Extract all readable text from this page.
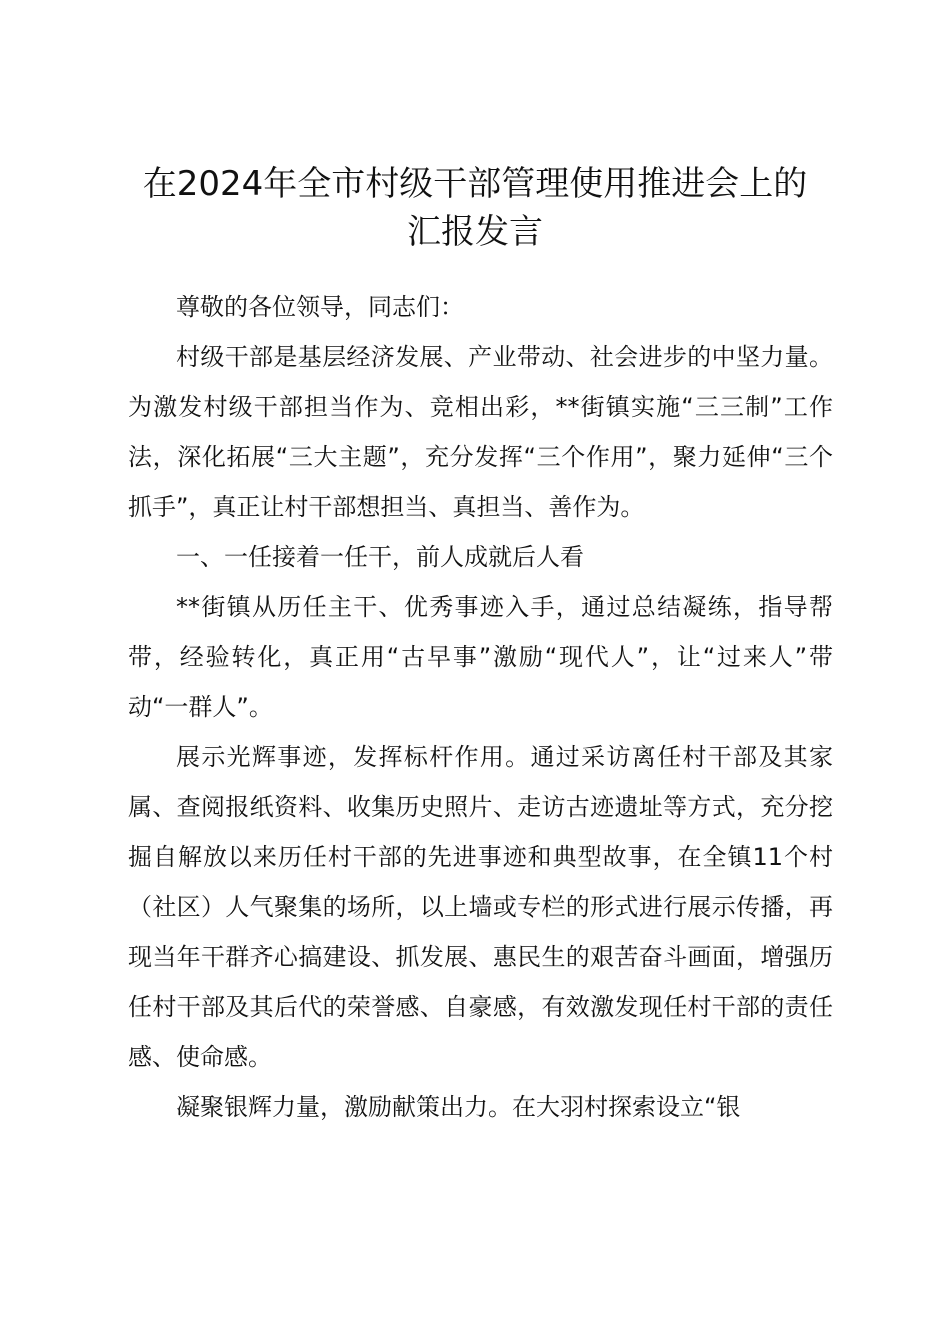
在2024年全市村级干部管理使用推进会上的
汇报发言

尊敬的各位领导，同志们：

村级干部是基层经济发展、产业带动、社会进步的中坚力量。为激发村级干部担当作为、竞相出彩，**街镇实施“三三制”工作法，深化拓展“三大主题”，充分发挥“三个作用”，聚力延伸“三个抓手”，真正让村干部想担当、真担当、善作为。

一、一任接着一任干，前人成就后人看

**街镇从历任主干、优秀事迹入手，通过总结凝练，指导帮带，经验转化，真正用“古早事”激励“现代人”，让“过来人”带动“一群人”。

展示光辉事迹，发挥标杆作用。通过采访离任村干部及其家属、查阅报纸资料、收集历史照片、走访古迹遗址等方式，充分挖掘自解放以来历任村干部的先进事迹和典型故事，在全镇11个村（社区）人气聚集的场所，以上墙或专栏的形式进行展示传播，再现当年干群齐心搞建设、抓发展、惠民生的艰苦奋斗画面，增强历任村干部及其后代的荣誉感、自豪感，有效激发现任村干部的责任感、使命感。

凝聚银辉力量，激励献策出力。在大羽村探索设立“银
